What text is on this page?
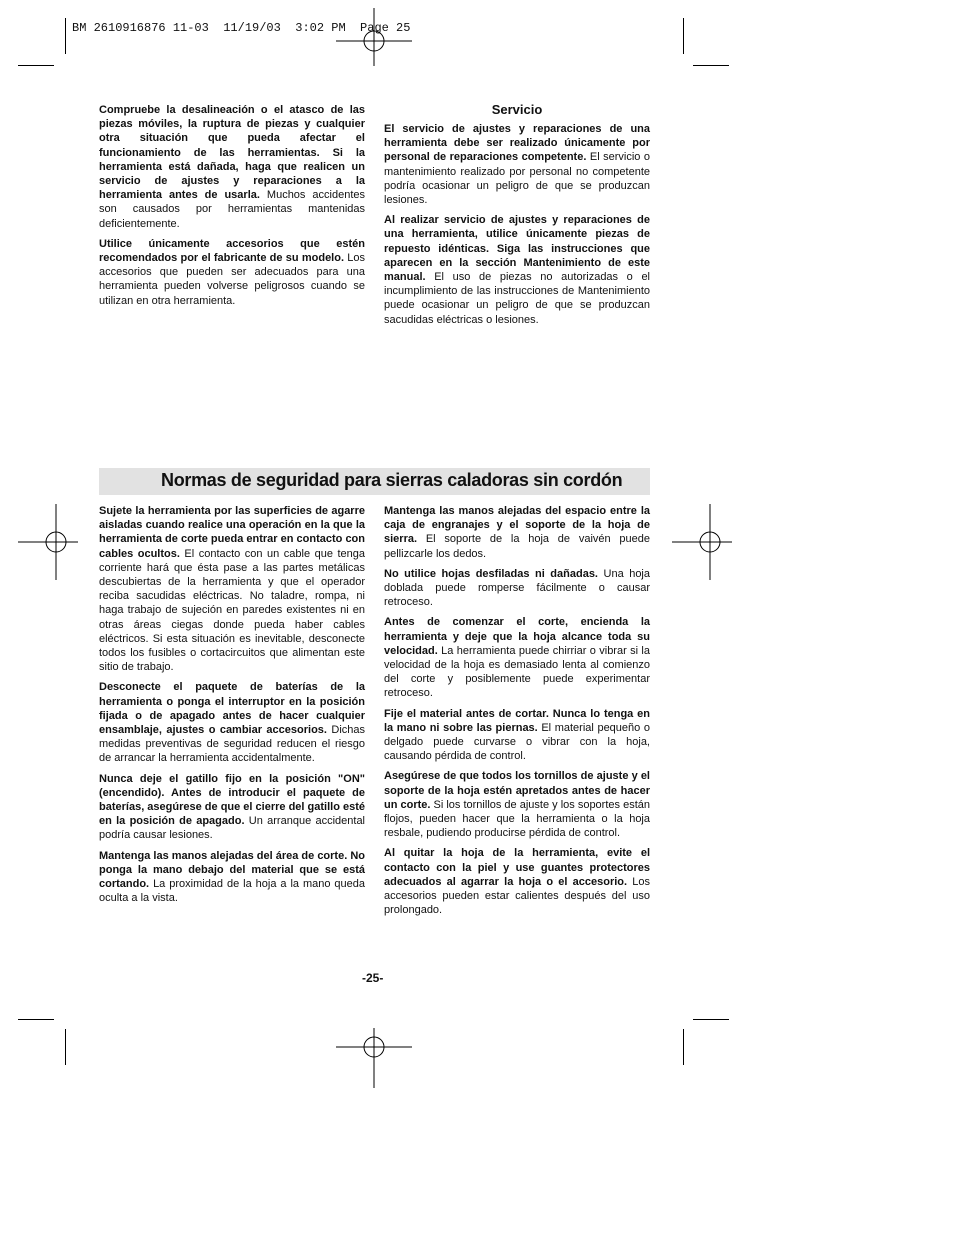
BM 2610916876 11-03  11/19/03  3:02 PM  Page 25

Compruebe la desalineación o el atasco de las piezas móviles, la ruptura de piezas y cualquier otra situación que pueda afectar el funcionamiento de las herramientas. Si la herramienta está dañada, haga que realicen un servicio de ajustes y reparaciones a la herramienta antes de usarla. Muchos accidentes son causados por herramientas mantenidas deficientemente.

Utilice únicamente accesorios que estén recomendados por el fabricante de su modelo. Los accesorios que pueden ser adecuados para una herramienta pueden volverse peligrosos cuando se utilizan en otra herramienta.

Servicio

El servicio de ajustes y reparaciones de una herramienta debe ser realizado únicamente por personal de reparaciones competente. El servicio o mantenimiento realizado por personal no competente podría ocasionar un peligro de que se produzcan lesiones.

Al realizar servicio de ajustes y reparaciones de una herramienta, utilice únicamente piezas de repuesto idénticas. Siga las instrucciones que aparecen en la sección Mantenimiento de este manual. El uso de piezas no autorizadas o el incumplimiento de las instrucciones de Mantenimiento puede ocasionar un peligro de que se produzcan sacudidas eléctricas o lesiones.

Normas de seguridad para sierras caladoras sin cordón

Sujete la herramienta por las superficies de agarre aisladas cuando realice una operación en la que la herramienta de corte pueda entrar en contacto con cables ocultos. El contacto con un cable que tenga corriente hará que ésta pase a las partes metálicas descubiertas de la herramienta y que el operador reciba sacudidas eléctricas. No taladre, rompa, ni haga trabajo de sujeción en paredes existentes ni en otras áreas ciegas donde pueda haber cables eléctricos. Si esta situación es inevitable, desconecte todos los fusibles o cortacircuitos que alimentan este sitio de trabajo.

Desconecte el paquete de baterías de la herramienta o ponga el interruptor en la posición fijada o de apagado antes de hacer cualquier ensamblaje, ajustes o cambiar accesorios. Dichas medidas preventivas de seguridad reducen el riesgo de arrancar la herramienta accidentalmente.

Nunca deje el gatillo fijo en la posición "ON" (encendido). Antes de introducir el paquete de baterías, asegúrese de que el cierre del gatillo esté en la posición de apagado. Un arranque accidental podría causar lesiones.

Mantenga las manos alejadas del área de corte. No ponga la mano debajo del material que se está cortando. La proximidad de la hoja a la mano queda oculta a la vista.

Mantenga las manos alejadas del espacio entre la caja de engranajes y el soporte de la hoja de sierra. El soporte de la hoja de vaivén puede pellizcarle los dedos.

No utilice hojas desfiladas ni dañadas. Una hoja doblada puede romperse fácilmente o causar retroceso.

Antes de comenzar el corte, encienda la herramienta y deje que la hoja alcance toda su velocidad. La herramienta puede chirriar o vibrar si la velocidad de la hoja es demasiado lenta al comienzo del corte y posiblemente puede experimentar retroceso.

Fije el material antes de cortar. Nunca lo tenga en la mano ni sobre las piernas. El material pequeño o delgado puede curvarse o vibrar con la hoja, causando pérdida de control.

Asegúrese de que todos los tornillos de ajuste y el soporte de la hoja estén apretados antes de hacer un corte. Si los tornillos de ajuste y los soportes están flojos, pueden hacer que la herramienta o la hoja resbale, pudiendo producirse pérdida de control.

Al quitar la hoja de la herramienta, evite el contacto con la piel y use guantes protectores adecuados al agarrar la hoja o el accesorio. Los accesorios pueden estar calientes después del uso prolongado.

-25-
